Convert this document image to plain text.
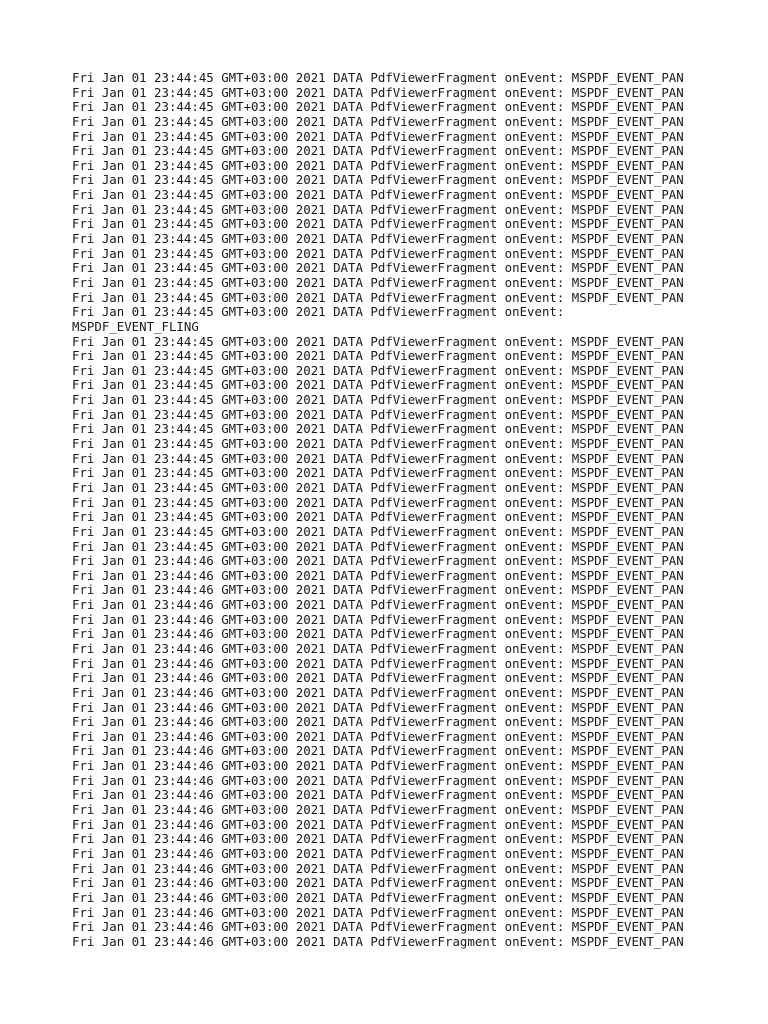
Fri Jan 01 23:44:45 GMT+03:00 2021 DATA PdfViewerFragment onEvent: MSPDF_EVENT_PAN
Fri Jan 01 23:44:45 GMT+03:00 2021 DATA PdfViewerFragment onEvent: MSPDF_EVENT_PAN
Fri Jan 01 23:44:45 GMT+03:00 2021 DATA PdfViewerFragment onEvent: MSPDF_EVENT_PAN
Fri Jan 01 23:44:45 GMT+03:00 2021 DATA PdfViewerFragment onEvent: MSPDF_EVENT_PAN
Fri Jan 01 23:44:45 GMT+03:00 2021 DATA PdfViewerFragment onEvent: MSPDF_EVENT_PAN
Fri Jan 01 23:44:45 GMT+03:00 2021 DATA PdfViewerFragment onEvent: MSPDF_EVENT_PAN
Fri Jan 01 23:44:45 GMT+03:00 2021 DATA PdfViewerFragment onEvent: MSPDF_EVENT_PAN
Fri Jan 01 23:44:45 GMT+03:00 2021 DATA PdfViewerFragment onEvent: MSPDF_EVENT_PAN
Fri Jan 01 23:44:45 GMT+03:00 2021 DATA PdfViewerFragment onEvent: MSPDF_EVENT_PAN
Fri Jan 01 23:44:45 GMT+03:00 2021 DATA PdfViewerFragment onEvent: MSPDF_EVENT_PAN
Fri Jan 01 23:44:45 GMT+03:00 2021 DATA PdfViewerFragment onEvent: MSPDF_EVENT_PAN
Fri Jan 01 23:44:45 GMT+03:00 2021 DATA PdfViewerFragment onEvent: MSPDF_EVENT_PAN
Fri Jan 01 23:44:45 GMT+03:00 2021 DATA PdfViewerFragment onEvent: MSPDF_EVENT_PAN
Fri Jan 01 23:44:45 GMT+03:00 2021 DATA PdfViewerFragment onEvent: MSPDF_EVENT_PAN
Fri Jan 01 23:44:45 GMT+03:00 2021 DATA PdfViewerFragment onEvent: MSPDF_EVENT_PAN
Fri Jan 01 23:44:45 GMT+03:00 2021 DATA PdfViewerFragment onEvent: MSPDF_EVENT_PAN
Fri Jan 01 23:44:45 GMT+03:00 2021 DATA PdfViewerFragment onEvent:
MSPDF_EVENT_FLING
Fri Jan 01 23:44:45 GMT+03:00 2021 DATA PdfViewerFragment onEvent: MSPDF_EVENT_PAN
Fri Jan 01 23:44:45 GMT+03:00 2021 DATA PdfViewerFragment onEvent: MSPDF_EVENT_PAN
Fri Jan 01 23:44:45 GMT+03:00 2021 DATA PdfViewerFragment onEvent: MSPDF_EVENT_PAN
Fri Jan 01 23:44:45 GMT+03:00 2021 DATA PdfViewerFragment onEvent: MSPDF_EVENT_PAN
Fri Jan 01 23:44:45 GMT+03:00 2021 DATA PdfViewerFragment onEvent: MSPDF_EVENT_PAN
Fri Jan 01 23:44:45 GMT+03:00 2021 DATA PdfViewerFragment onEvent: MSPDF_EVENT_PAN
Fri Jan 01 23:44:45 GMT+03:00 2021 DATA PdfViewerFragment onEvent: MSPDF_EVENT_PAN
Fri Jan 01 23:44:45 GMT+03:00 2021 DATA PdfViewerFragment onEvent: MSPDF_EVENT_PAN
Fri Jan 01 23:44:45 GMT+03:00 2021 DATA PdfViewerFragment onEvent: MSPDF_EVENT_PAN
Fri Jan 01 23:44:45 GMT+03:00 2021 DATA PdfViewerFragment onEvent: MSPDF_EVENT_PAN
Fri Jan 01 23:44:45 GMT+03:00 2021 DATA PdfViewerFragment onEvent: MSPDF_EVENT_PAN
Fri Jan 01 23:44:45 GMT+03:00 2021 DATA PdfViewerFragment onEvent: MSPDF_EVENT_PAN
Fri Jan 01 23:44:45 GMT+03:00 2021 DATA PdfViewerFragment onEvent: MSPDF_EVENT_PAN
Fri Jan 01 23:44:45 GMT+03:00 2021 DATA PdfViewerFragment onEvent: MSPDF_EVENT_PAN
Fri Jan 01 23:44:45 GMT+03:00 2021 DATA PdfViewerFragment onEvent: MSPDF_EVENT_PAN
Fri Jan 01 23:44:46 GMT+03:00 2021 DATA PdfViewerFragment onEvent: MSPDF_EVENT_PAN
Fri Jan 01 23:44:46 GMT+03:00 2021 DATA PdfViewerFragment onEvent: MSPDF_EVENT_PAN
Fri Jan 01 23:44:46 GMT+03:00 2021 DATA PdfViewerFragment onEvent: MSPDF_EVENT_PAN
Fri Jan 01 23:44:46 GMT+03:00 2021 DATA PdfViewerFragment onEvent: MSPDF_EVENT_PAN
Fri Jan 01 23:44:46 GMT+03:00 2021 DATA PdfViewerFragment onEvent: MSPDF_EVENT_PAN
Fri Jan 01 23:44:46 GMT+03:00 2021 DATA PdfViewerFragment onEvent: MSPDF_EVENT_PAN
Fri Jan 01 23:44:46 GMT+03:00 2021 DATA PdfViewerFragment onEvent: MSPDF_EVENT_PAN
Fri Jan 01 23:44:46 GMT+03:00 2021 DATA PdfViewerFragment onEvent: MSPDF_EVENT_PAN
Fri Jan 01 23:44:46 GMT+03:00 2021 DATA PdfViewerFragment onEvent: MSPDF_EVENT_PAN
Fri Jan 01 23:44:46 GMT+03:00 2021 DATA PdfViewerFragment onEvent: MSPDF_EVENT_PAN
Fri Jan 01 23:44:46 GMT+03:00 2021 DATA PdfViewerFragment onEvent: MSPDF_EVENT_PAN
Fri Jan 01 23:44:46 GMT+03:00 2021 DATA PdfViewerFragment onEvent: MSPDF_EVENT_PAN
Fri Jan 01 23:44:46 GMT+03:00 2021 DATA PdfViewerFragment onEvent: MSPDF_EVENT_PAN
Fri Jan 01 23:44:46 GMT+03:00 2021 DATA PdfViewerFragment onEvent: MSPDF_EVENT_PAN
Fri Jan 01 23:44:46 GMT+03:00 2021 DATA PdfViewerFragment onEvent: MSPDF_EVENT_PAN
Fri Jan 01 23:44:46 GMT+03:00 2021 DATA PdfViewerFragment onEvent: MSPDF_EVENT_PAN
Fri Jan 01 23:44:46 GMT+03:00 2021 DATA PdfViewerFragment onEvent: MSPDF_EVENT_PAN
Fri Jan 01 23:44:46 GMT+03:00 2021 DATA PdfViewerFragment onEvent: MSPDF_EVENT_PAN
Fri Jan 01 23:44:46 GMT+03:00 2021 DATA PdfViewerFragment onEvent: MSPDF_EVENT_PAN
Fri Jan 01 23:44:46 GMT+03:00 2021 DATA PdfViewerFragment onEvent: MSPDF_EVENT_PAN
Fri Jan 01 23:44:46 GMT+03:00 2021 DATA PdfViewerFragment onEvent: MSPDF_EVENT_PAN
Fri Jan 01 23:44:46 GMT+03:00 2021 DATA PdfViewerFragment onEvent: MSPDF_EVENT_PAN
Fri Jan 01 23:44:46 GMT+03:00 2021 DATA PdfViewerFragment onEvent: MSPDF_EVENT_PAN
Fri Jan 01 23:44:46 GMT+03:00 2021 DATA PdfViewerFragment onEvent: MSPDF_EVENT_PAN
Fri Jan 01 23:44:46 GMT+03:00 2021 DATA PdfViewerFragment onEvent: MSPDF_EVENT_PAN
Fri Jan 01 23:44:46 GMT+03:00 2021 DATA PdfViewerFragment onEvent: MSPDF_EVENT_PAN
Fri Jan 01 23:44:46 GMT+03:00 2021 DATA PdfViewerFragment onEvent: MSPDF_EVENT_PAN
